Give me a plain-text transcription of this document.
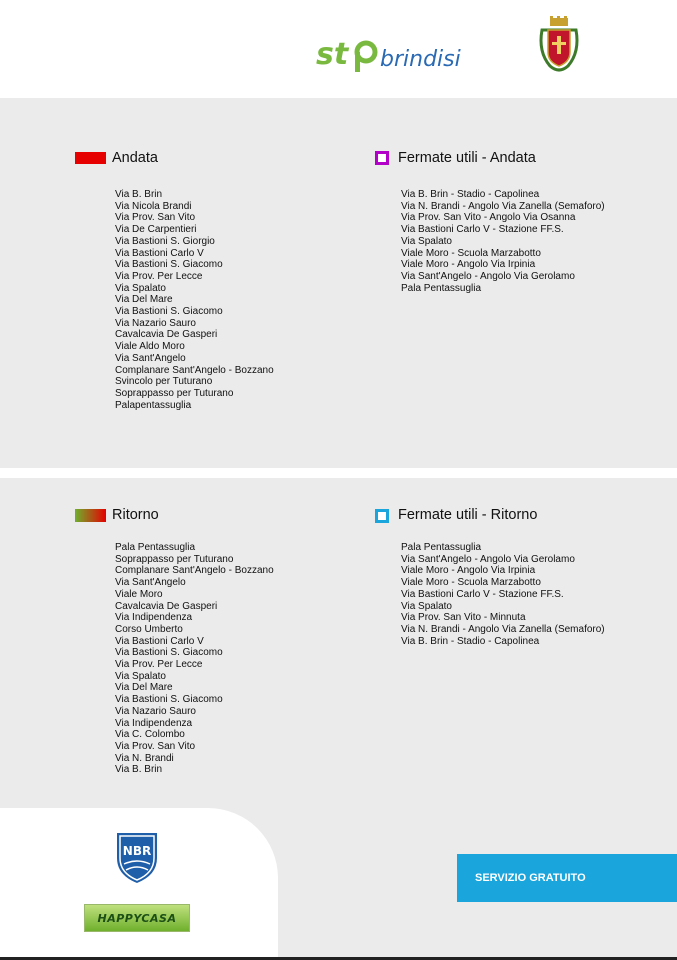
st brindisi
Andata
Via B. Brin
Via Nicola Brandi
Via Prov. San Vito
Via De Carpentieri
Via Bastioni S. Giorgio
Via Bastioni Carlo V
Via Bastioni S. Giacomo
Via Prov. Per Lecce
Via Spalato
Via Del Mare
Via Bastioni S. Giacomo
Via Nazario Sauro
Cavalcavia De Gasperi
Viale Aldo Moro
Via Sant'Angelo
Complanare Sant'Angelo - Bozzano
Svincolo per Tuturano
Soprappasso per Tuturano
Palapentassuglia
Fermate utili - Andata
Via B. Brin - Stadio - Capolinea
Via N. Brandi - Angolo Via Zanella (Semaforo)
Via Prov. San Vito - Angolo Via Osanna
Via Bastioni Carlo V - Stazione FF.S.
Via Spalato
Viale Moro - Scuola Marzabotto
Viale Moro - Angolo Via Irpinia
Via Sant'Angelo - Angolo Via Gerolamo
Pala Pentassuglia
Ritorno
Pala Pentassuglia
Soprappasso per Tuturano
Complanare Sant'Angelo - Bozzano
Via Sant'Angelo
Viale Moro
Cavalcavia De Gasperi
Via Indipendenza
Corso Umberto
Via Bastioni Carlo V
Via Bastioni S. Giacomo
Via Prov. Per Lecce
Via Spalato
Via Del Mare
Via Bastioni S. Giacomo
Via Nazario Sauro
Via Indipendenza
Via C. Colombo
Via Prov. San Vito
Via N. Brandi
Via B. Brin
Fermate utili - Ritorno
Pala Pentassuglia
Via Sant'Angelo - Angolo Via Gerolamo
Viale Moro - Angolo Via Irpinia
Viale Moro - Scuola Marzabotto
Via Bastioni Carlo V - Stazione FF.S.
Via Spalato
Via Prov. San Vito - Minnuta
Via N. Brandi - Angolo Via Zanella (Semaforo)
Via B. Brin - Stadio - Capolinea
NBR
HAPPYCASA
SERVIZIO GRATUITO
